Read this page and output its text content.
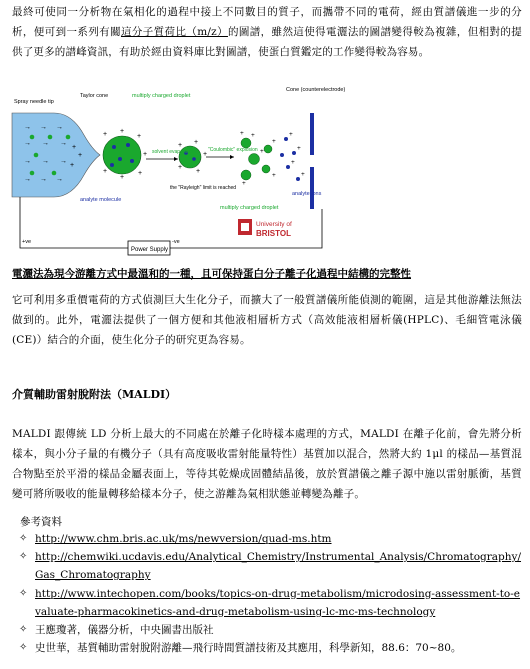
最終可使同一分析物在氣相化的過程中接上不同數目的質子，而攜帶不同的電荷，經由質譜儀進一步的分析，便可到一系列有關這分子質荷比（m/z）的圖譜，雖然這使得電灑法的圖譜變得較為複雜，但相對的提供了更多的譜峰資訊，有助於經由資料庫比對圖譜，使蛋白質鑑定的工作變得較為容易。
→ → →
→ → →
→ → →
→ → →
+
+
+
+ +
+
+
+
+
+
+ +
+
+
+
+ +
+
+
+
+
+
+
+
+
Spray needle tip
Taylor cone	multiply charged droplet
solvent evaporation	"Coulombic" explosion
the "Rayleigh" limit is reached
multiply charged droplet
analyte molecule
analyte ions
Cone (counterelectrode)
+ve	-ve
Power Supply
University of
BRISTOL
電灑法為現今游離方式中最溫和的一種，且可保持蛋白分子離子化過程中結構的完整性
它可利用多重價電荷的方式偵測巨大生化分子，而擴大了一般質譜儀所能偵測的範圍，這是其他游離法無法做到的。此外，電灑法提供了一個方便和其他液相層析方式（高效能液相層析儀(HPLC)、毛細管電泳儀(CE)）結合的介面，使生化分子的研究更為容易。
介質輔助雷射脫附法（MALDI）
MALDI 跟傳統 LD 分析上最大的不同處在於離子化時樣本處理的方式，MALDI 在離子化前，會先將分析樣本，與小分子量的有機分子（具有高度吸收雷射能量特性）基質加以混合，然將大約 1μl 的樣品—基質混合物點至於平滑的樣品金屬表面上，等待其乾燥成固體結晶後，放於質譜儀之離子源中施以雷射脈衝，基質變可將所吸收的能量轉移給樣本分子，使之游離為氣相狀態並轉變為離子。
參考資料
✧ http://www.chm.bris.ac.uk/ms/newversion/quad-ms.htm
✧ http://chemwiki.ucdavis.edu/Analytical_Chemistry/Instrumental_Analysis/Chromatography/Gas_Chromatography
✧ http://www.intechopen.com/books/topics-on-drug-metabolism/microdosing-assessment-to-evaluate-pharmacokinetics-and-drug-metabolism-using-lc-mc-ms-technology
✧ 王應瓊著，儀器分析，中央圖書出版社
✧ 史世華，基質輔助雷射脫附游離—飛行時間質譜技術及其應用，科學新知，88.6：70~80。
